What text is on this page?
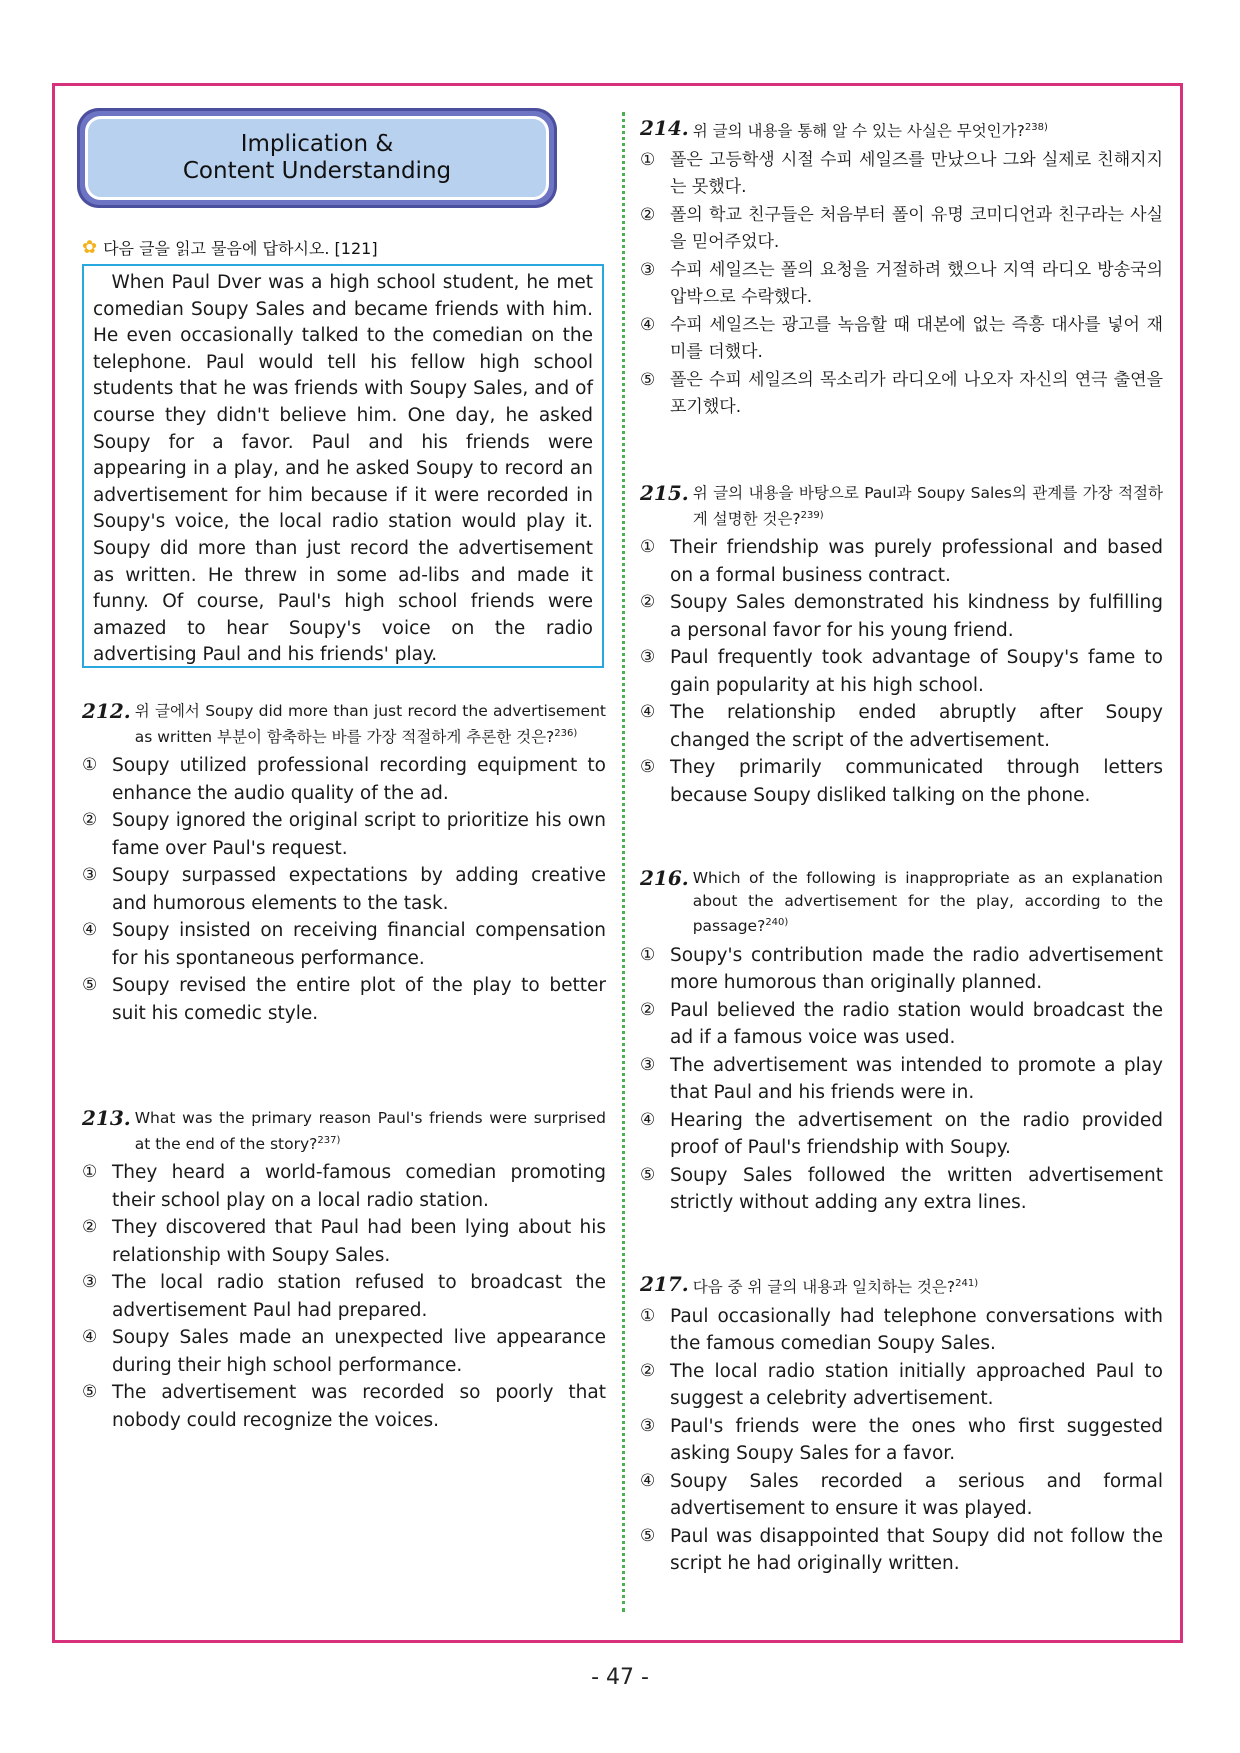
Implication &
Content Understanding
✿ 다음 글을 읽고 물음에 답하시오. [121]

When Paul Dver was a high school student, he met comedian Soupy Sales and became friends with him. He even occasionally talked to the comedian on the telephone. Paul would tell his fellow high school students that he was friends with Soupy Sales, and of course they didn't believe him. One day, he asked Soupy for a favor. Paul and his friends were appearing in a play, and he asked Soupy to record an advertisement for him because if it were recorded in Soupy's voice, the local radio station would play it. Soupy did more than just record the advertisement as written. He threw in some ad-libs and made it funny. Of course, Paul's high school friends were amazed to hear Soupy's voice on the radio advertising Paul and his friends' play.

212. 위 글에서 Soupy did more than just record the advertisement as written 부분이 함축하는 바를 가장 적절하게 추론한 것은?$^{236)}$
① Soupy utilized professional recording equipment to enhance the audio quality of the ad.
② Soupy ignored the original script to prioritize his own fame over Paul's request.
③ Soupy surpassed expectations by adding creative and humorous elements to the task.
④ Soupy insisted on receiving financial compensation for his spontaneous performance.
⑤ Soupy revised the entire plot of the play to better suit his comedic style.
213. What was the primary reason Paul's friends were surprised at the end of the story?$^{237)}$
① They heard a world-famous comedian promoting their school play on a local radio station.
② They discovered that Paul had been lying about his relationship with Soupy Sales.
③ The local radio station refused to broadcast the advertisement Paul had prepared.
④ Soupy Sales made an unexpected live appearance during their high school performance.
⑤ The advertisement was recorded so poorly that nobody could recognize the voices.
214. 위 글의 내용을 통해 알 수 있는 사실은 무엇인가?$^{238)}$
① 폴은 고등학생 시절 수피 세일즈를 만났으나 그와 실제로 친해지지는 못했다.
② 폴의 학교 친구들은 처음부터 폴이 유명 코미디언과 친구라는 사실을 믿어주었다.
③ 수피 세일즈는 폴의 요청을 거절하려 했으나 지역 라디오 방송국의 압박으로 수락했다.
④ 수피 세일즈는 광고를 녹음할 때 대본에 없는 즉흥 대사를 넣어 재미를 더했다.
⑤ 폴은 수피 세일즈의 목소리가 라디오에 나오자 자신의 연극 출연을 포기했다.
215. 위 글의 내용을 바탕으로 Paul과 Soupy Sales의 관계를 가장 적절하게 설명한 것은?$^{239)}$
① Their friendship was purely professional and based on a formal business contract.
② Soupy Sales demonstrated his kindness by fulfilling a personal favor for his young friend.
③ Paul frequently took advantage of Soupy's fame to gain popularity at his high school.
④ The relationship ended abruptly after Soupy changed the script of the advertisement.
⑤ They primarily communicated through letters because Soupy disliked talking on the phone.
216. Which of the following is inappropriate as an explanation about the advertisement for the play, according to the passage?$^{240)}$
① Soupy's contribution made the radio advertisement more humorous than originally planned.
② Paul believed the radio station would broadcast the ad if a famous voice was used.
③ The advertisement was intended to promote a play that Paul and his friends were in.
④ Hearing the advertisement on the radio provided proof of Paul's friendship with Soupy.
⑤ Soupy Sales followed the written advertisement strictly without adding any extra lines.
217. 다음 중 위 글의 내용과 일치하는 것은?$^{241)}$
① Paul occasionally had telephone conversations with the famous comedian Soupy Sales.
② The local radio station initially approached Paul to suggest a celebrity advertisement.
③ Paul's friends were the ones who first suggested asking Soupy Sales for a favor.
④ Soupy Sales recorded a serious and formal advertisement to ensure it was played.
⑤ Paul was disappointed that Soupy did not follow the script he had originally written.
- 47 -
